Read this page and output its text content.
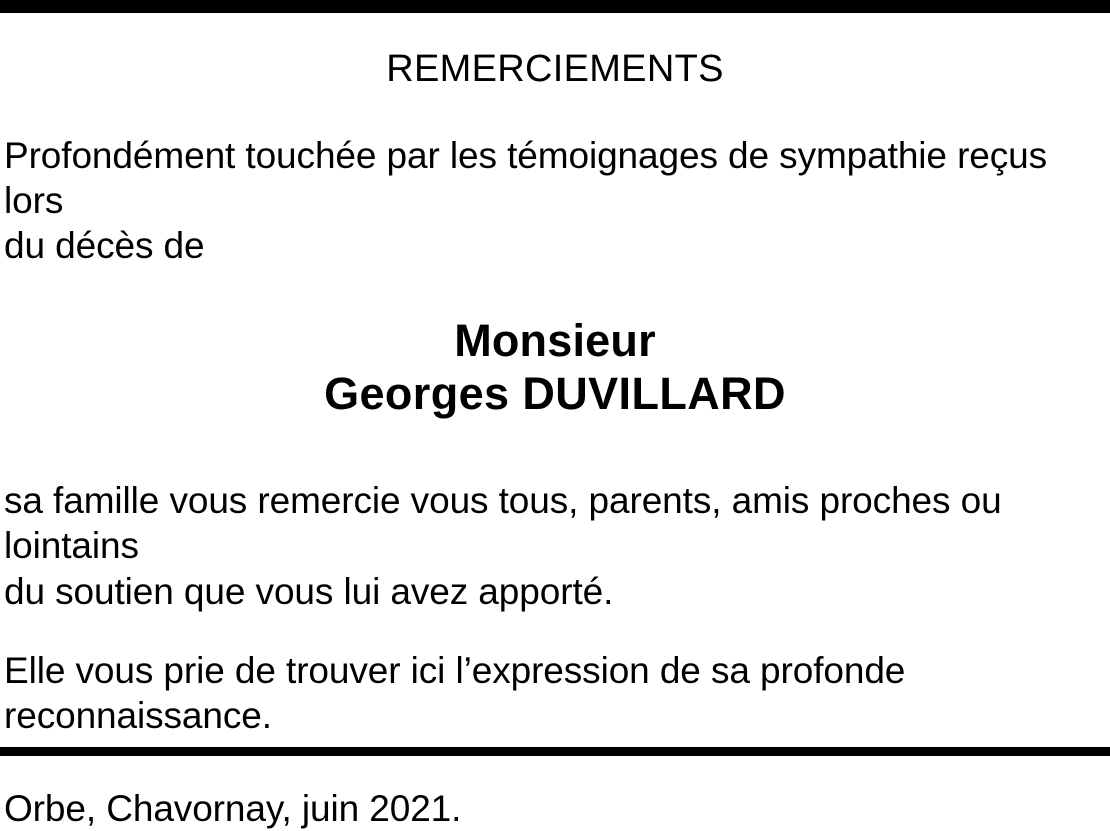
REMERCIEMENTS
Profondément touchée par les témoignages de sympathie reçus lors
du décès de
Monsieur
Georges DUVILLARD
sa famille vous remercie vous tous, parents, amis proches ou lointains
du soutien que vous lui avez apporté.
Elle vous prie de trouver ici l’expression de sa profonde reconnaissance.
Orbe, Chavornay, juin 2021.
